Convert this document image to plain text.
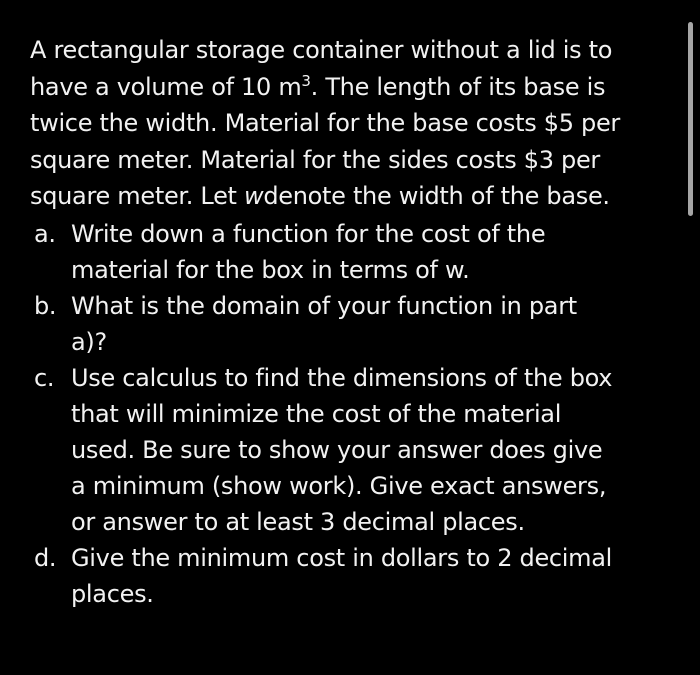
A rectangular storage container without a lid is to
have a volume of 10 $m^3$. The length of its base is
twice the width. Material for the base costs $5 per
square meter. Material for the sides costs $3 per
square meter. Let wdenote the width of the base.

a. Write down a function for the cost of the
material for the box in terms of w.
b. What is the domain of your function in part
a)?
c. Use calculus to find the dimensions of the box
that will minimize the cost of the material
used. Be sure to show your answer does give
a minimum (show work). Give exact answers,
or answer to at least 3 decimal places.
d. Give the minimum cost in dollars to 2 decimal
places.
